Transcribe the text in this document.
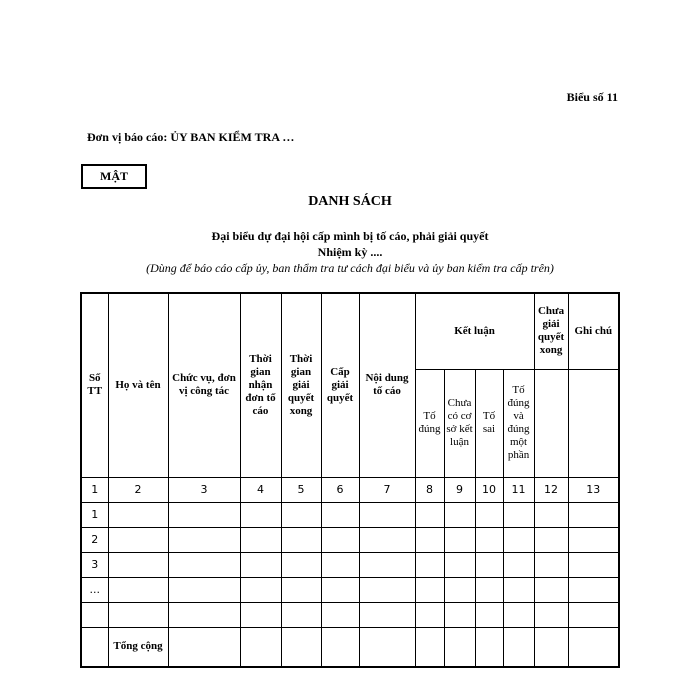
Biểu số 11
Đơn vị báo cáo: ỦY BAN KIỂM TRA …
MẬT
DANH SÁCH
Đại biểu dự đại hội cấp mình bị tố cáo, phải giải quyết
Nhiệm kỳ ....
(Dùng để báo cáo cấp ủy, ban thẩm tra tư cách đại biểu và ủy ban kiểm tra cấp trên)
Số TT	Họ và tên	Chức vụ, đơn vị công tác	Thời gian nhận đơn tố cáo	Thời gian giải quyết xong	Cấp giải quyết	Nội dung tố cáo	Kết luận				Chưa giải quyết xong	Ghi chú
							Tố đúng	Chưa có cơ sở kết luận	Tố sai	Tố đúng và đúng một phần		
1	2	3	4	5	6	7	8	9	10	11	12	13
1												
2												
3												
...												

	Tổng cộng											
